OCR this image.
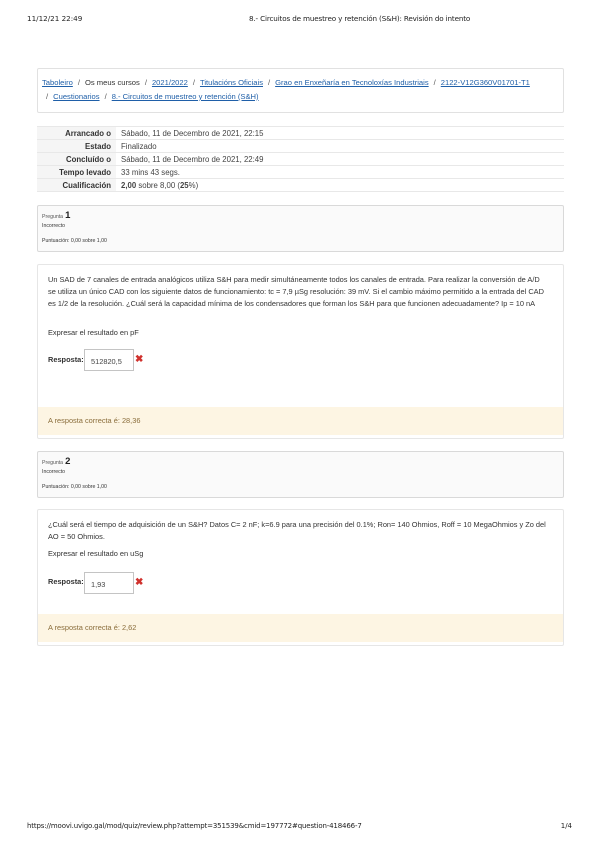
11/12/21 22:49	8.- Circuitos de muestreo y retención (S&H): Revisión do intento
Taboleiro / Os meus cursos / 2021/2022 / Titulacións Oficiais / Grao en Enxeñaría en Tecnoloxías Industriais / 2122-V12G360V01701-T1
/ Cuestionarios / 8.- Circuitos de muestreo y retención (S&H)
Arrancado o	Sábado, 11 de Decembro de 2021, 22:15
Estado	Finalizado
Concluído o	Sábado, 11 de Decembro de 2021, 22:49
Tempo levado	33 mins 43 segs.
Cualificación	2,00 sobre 8,00 (25%)
Pregunta 1
Incorrecto
Puntuación: 0,00 sobre 1,00
Un SAD de 7 canales de entrada analógicos utiliza S&H para medir simultáneamente todos los canales de entrada. Para realizar la conversión de A/D se utiliza un único CAD con los siguiente datos de funcionamiento: tc = 7,9 µSg resolución: 39 mV. Si el cambio máximo permitido a la entrada del CAD es 1/2 de la resolución. ¿Cuál será la capacidad mínima de los condensadores que forman los S&H para que funcionen adecuadamente? Ip = 10 nA
Expresar el resultado en pF
Resposta: 512820,5	✖
A resposta correcta é: 28,36
Pregunta 2
Incorrecto
Puntuación: 0,00 sobre 1,00
¿Cuál será el tiempo de adquisición de un S&H? Datos C= 2 nF; k=6.9 para una precisión del 0.1%; Ron= 140 Ohmios, Roff = 10 MegaOhmios y Zo del AO = 50 Ohmios.
Expresar el resultado en uSg
Resposta: 1,93	✖
A resposta correcta é: 2,62
https://moovi.uvigo.gal/mod/quiz/review.php?attempt=351539&cmid=197772#question-418466-7	1/4
